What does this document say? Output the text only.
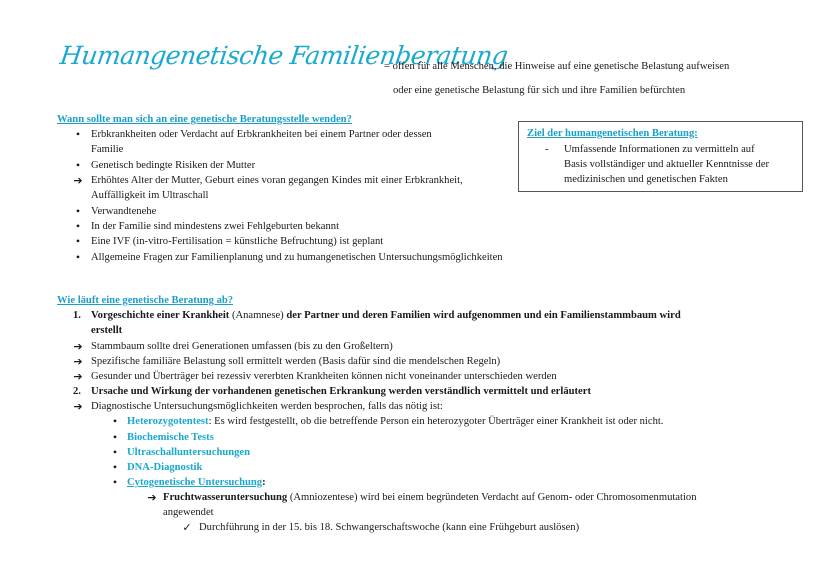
Humangenetische Familienberatung
= offen für alle Menschen, die Hinweise auf eine genetische Belastung aufweisen
oder eine genetische Belastung für sich und ihre Familien befürchten
Wann sollte man sich an eine genetische Beratungsstelle wenden?
•	Erbkrankheiten oder Verdacht auf Erbkrankheiten bei einem Partner oder dessen
Familie
•	Genetisch bedingte Risiken der Mutter
➔ Erhöhtes Alter der Mutter, Geburt eines voran gegangen Kindes mit einer Erbkrankheit,
Auffälligkeit im Ultraschall
•	Verwandtenehe
•	In der Familie sind mindestens zwei Fehlgeburten bekannt
•	Eine IVF (in-vitro-Fertilisation = künstliche Befruchtung) ist geplant
•	Allgemeine Fragen zur Familienplanung und zu humangenetischen Untersuchungsmöglichkeiten
Ziel der humangenetischen Beratung:
- Umfassende Informationen zu vermitteln auf
Basis vollständiger und aktueller Kenntnisse der
medizinischen und genetischen Fakten
Wie läuft eine genetische Beratung ab?
1. Vorgeschichte einer Krankheit (Anamnese) der Partner und deren Familien wird aufgenommen und ein Familienstammbaum wird
erstellt
➔ Stammbaum sollte drei Generationen umfassen (bis zu den Großeltern)
➔ Spezifische familiäre Belastung soll ermittelt werden (Basis dafür sind die mendelschen Regeln)
➔ Gesunder und Überträger bei rezessiv vererbten Krankheiten können nicht voneinander unterschieden werden
2. Ursache und Wirkung der vorhandenen genetischen Erkrankung werden verständlich vermittelt und erläutert
➔ Diagnostische Untersuchungsmöglichkeiten werden besprochen, falls das nötig ist:
• Heterozygotentest: Es wird festgestellt, ob die betreffende Person ein heterozygoter Überträger einer Krankheit ist oder nicht.
• Biochemische Tests
• Ultraschalluntersuchungen
• DNA-Diagnostik
• Cytogenetische Untersuchung:
➔ Fruchtwasseruntersuchung (Amniozentese) wird bei einem begründeten Verdacht auf Genom- oder Chromosomenmutation
angewendet
✓ Durchführung in der 15. bis 18. Schwangerschaftswoche (kann eine Frühgeburt auslösen)
